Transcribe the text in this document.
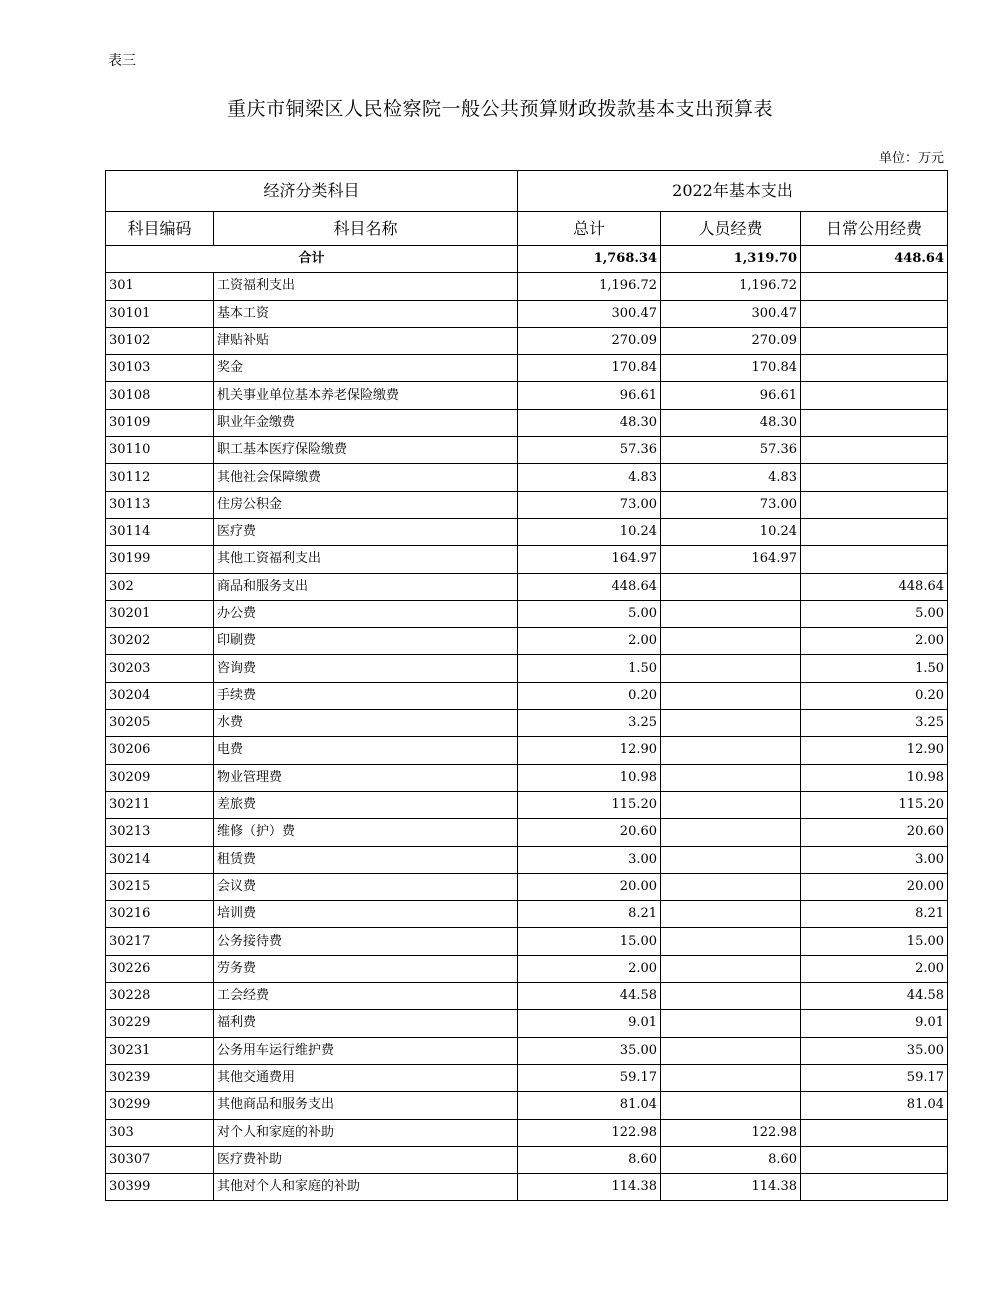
表三
重庆市铜梁区人民检察院一般公共预算财政拨款基本支出预算表
单位：万元
经济分类科目		2022年基本支出		
科目编码	科目名称	总计	人员经费	日常公用经费
合计		1,768.34	1,319.70	448.64
301	工资福利支出	1,196.72	1,196.72	
30101	基本工资	300.47	300.47	
30102	津贴补贴	270.09	270.09	
30103	奖金	170.84	170.84	
30108	机关事业单位基本养老保险缴费	96.61	96.61	
30109	职业年金缴费	48.30	48.30	
30110	职工基本医疗保险缴费	57.36	57.36	
30112	其他社会保障缴费	4.83	4.83	
30113	住房公积金	73.00	73.00	
30114	医疗费	10.24	10.24	
30199	其他工资福利支出	164.97	164.97	
302	商品和服务支出	448.64		448.64
30201	办公费	5.00		5.00
30202	印刷费	2.00		2.00
30203	咨询费	1.50		1.50
30204	手续费	0.20		0.20
30205	水费	3.25		3.25
30206	电费	12.90		12.90
30209	物业管理费	10.98		10.98
30211	差旅费	115.20		115.20
30213	维修（护）费	20.60		20.60
30214	租赁费	3.00		3.00
30215	会议费	20.00		20.00
30216	培训费	8.21		8.21
30217	公务接待费	15.00		15.00
30226	劳务费	2.00		2.00
30228	工会经费	44.58		44.58
30229	福利费	9.01		9.01
30231	公务用车运行维护费	35.00		35.00
30239	其他交通费用	59.17		59.17
30299	其他商品和服务支出	81.04		81.04
303	对个人和家庭的补助	122.98	122.98	
30307	医疗费补助	8.60	8.60	
30399	其他对个人和家庭的补助	114.38	114.38	
